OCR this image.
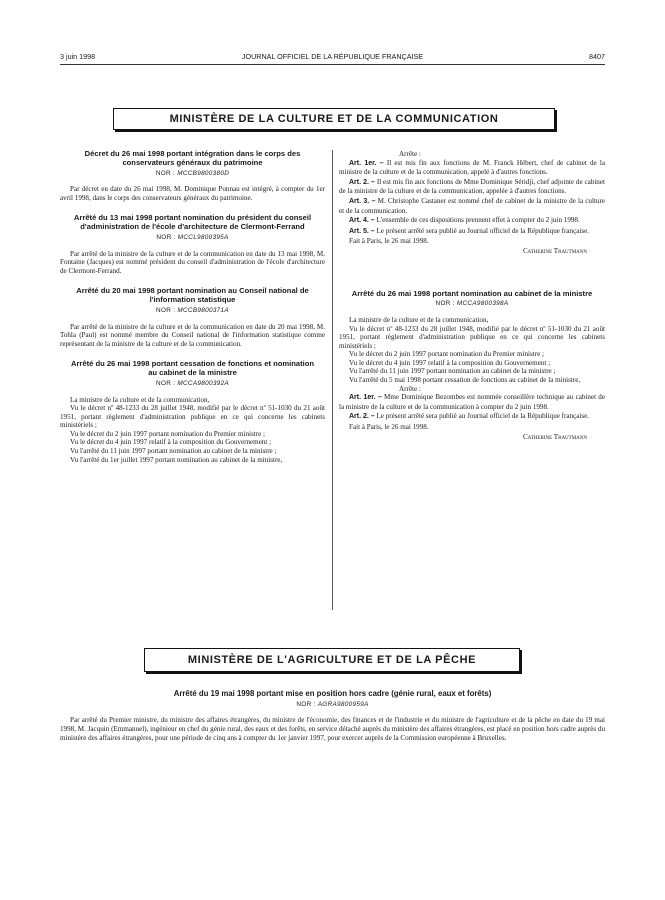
3 juin 1998	JOURNAL OFFICIEL DE LA RÉPUBLIQUE FRANÇAISE	8407
MINISTÈRE DE LA CULTURE ET DE LA COMMUNICATION
Décret du 26 mai 1998 portant intégration dans le corps des conservateurs généraux du patrimoine
NOR : MCCB9800380D

Par décret en date du 26 mai 1998, M. Dominique Ponnau est intégré, à compter du 1er avril 1998, dans le corps des conservateurs généraux du patrimoine.

Arrêté du 13 mai 1998 portant nomination du président du conseil d'administration de l'école d'architecture de Clermont-Ferrand
NOR : MCCL9800395A

Par arrêté de la ministre de la culture et de la communication en date du 13 mai 1998, M. Fontaine (Jacques) est nommé président du conseil d'administration de l'école d'architecture de Clermont-Ferrand.

Arrêté du 20 mai 1998 portant nomination au Conseil national de l'information statistique
NOR : MCCB9800371A

Par arrêté de la ministre de la culture et de la communication en date du 20 mai 1998, M. Tohla (Paul) est nommé membre du Conseil national de l'information statistique comme représentant de la ministre de la culture et de la communication.

Arrêté du 26 mai 1998 portant cessation de fonctions et nomination au cabinet de la ministre
NOR : MCCA9800392A

La ministre de la culture et de la communication,

Vu le décret nº 48-1233 du 28 juillet 1948, modifié par le décret nº 51-1030 du 21 août 1951, portant règlement d'administration publique en ce qui concerne les cabinets ministériels ;

Vu le décret du 2 juin 1997 portant nomination du Premier ministre ;

Vu le décret du 4 juin 1997 relatif à la composition du Gouvernement ;

Vu l'arrêté du 11 juin 1997 portant nomination au cabinet de la ministre ;

Vu l'arrêté du 1er juillet 1997 portant nomination au cabinet de la ministre,

Arrête :

Art. 1er. – Il est mis fin aux fonctions de M. Franck Hébert, chef de cabinet de la ministre de la culture et de la communication, appelé à d'autres fonctions.

Art. 2. – Il est mis fin aux fonctions de Mme Dominique Séridji, chef adjointe de cabinet de la ministre de la culture et de la communication, appelée à d'autres fonctions.

Art. 3. – M. Christophe Castaner est nommé chef de cabinet de la ministre de la culture et de la communication.

Art. 4. – L'ensemble de ces dispositions prennent effet à compter du 2 juin 1998.

Art. 5. – Le présent arrêté sera publié au Journal officiel de la République française.

Fait à Paris, le 26 mai 1998.

Catherine Trautmann
Arrêté du 26 mai 1998 portant nomination au cabinet de la ministre
NOR : MCCA9800398A

La ministre de la culture et de la communication,

Vu le décret nº 48-1233 du 28 juillet 1948, modifié par le décret nº 51-1030 du 21 août 1951, portant règlement d'administration publique en ce qui concerne les cabinets ministériels ;

Vu le décret du 2 juin 1997 portant nomination du Premier ministre ;

Vu le décret du 4 juin 1997 relatif à la composition du Gouvernement ;

Vu l'arrêté du 11 juin 1997 portant nomination au cabinet de la ministre ;

Vu l'arrêté du 5 mai 1998 portant cessation de fonctions au cabinet de la ministre,

Arrête :

Art. 1er. – Mme Dominique Bezombes est nommée conseillère technique au cabinet de la ministre de la culture et de la communication à compter du 2 juin 1998.

Art. 2. – Le présent arrêté sera publié au Journal officiel de la République française.

Fait à Paris, le 26 mai 1998.

Catherine Trautmann
MINISTÈRE DE L'AGRICULTURE ET DE LA PÊCHE
Arrêté du 19 mai 1998 portant mise en position hors cadre (génie rural, eaux et forêts)
NOR : AGRA9800959A

Par arrêté du Premier ministre, du ministre des affaires étrangères, du ministre de l'économie, des finances et de l'industrie et du ministre de l'agriculture et de la pêche en date du 19 mai 1998, M. Jacquin (Emmanuel), ingénieur en chef du génie rural, des eaux et des forêts, en service détaché auprès du ministère des affaires étrangères, est placé en position hors cadre auprès du ministère des affaires étrangères, pour une période de cinq ans à compter du 1er janvier 1997, pour exercer auprès de la Commission européenne à Bruxelles.
